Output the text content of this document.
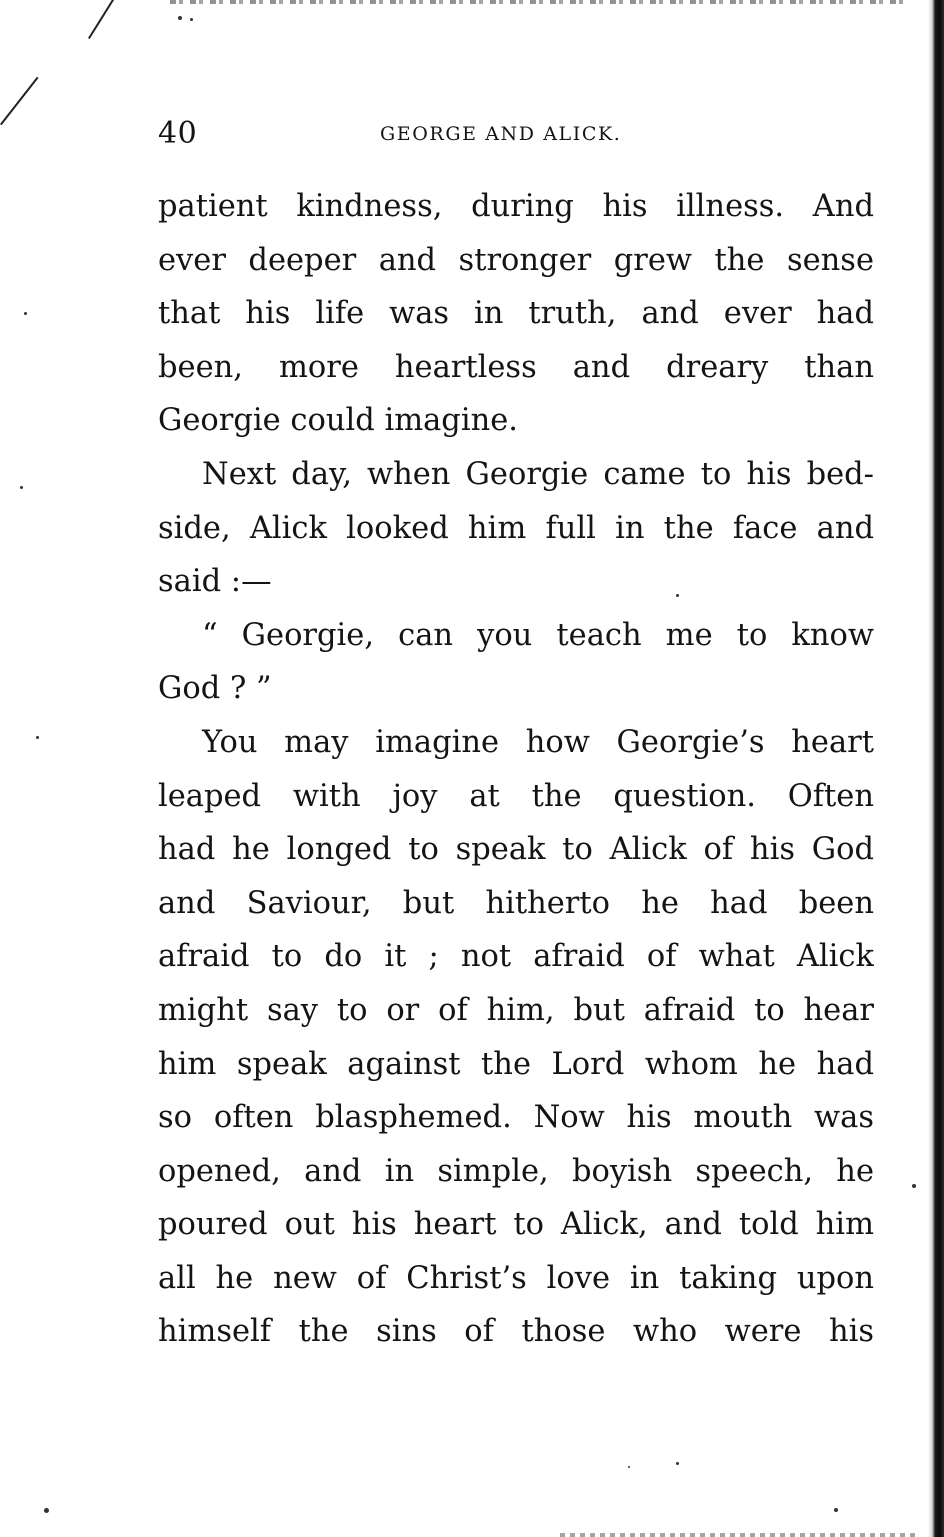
40	GEORGE AND ALICK.
patient kindness, during his illness. And
ever deeper and stronger grew the sense
that his life was in truth, and ever had
been, more heartless and dreary than
Georgie could imagine.
Next day, when Georgie came to his bed-
side, Alick looked him full in the face and
said :—
“ Georgie, can you teach me to know
God ? ”
You may imagine how Georgie’s heart
leaped with joy at the question. Often
had he longed to speak to Alick of his God
and Saviour, but hitherto he had been
afraid to do it ; not afraid of what Alick
might say to or of him, but afraid to hear
him speak against the Lord whom he had
so often blasphemed. Now his mouth was
opened, and in simple, boyish speech, he
poured out his heart to Alick, and told him
all he new of Christ’s love in taking upon
himself the sins of those who were his
